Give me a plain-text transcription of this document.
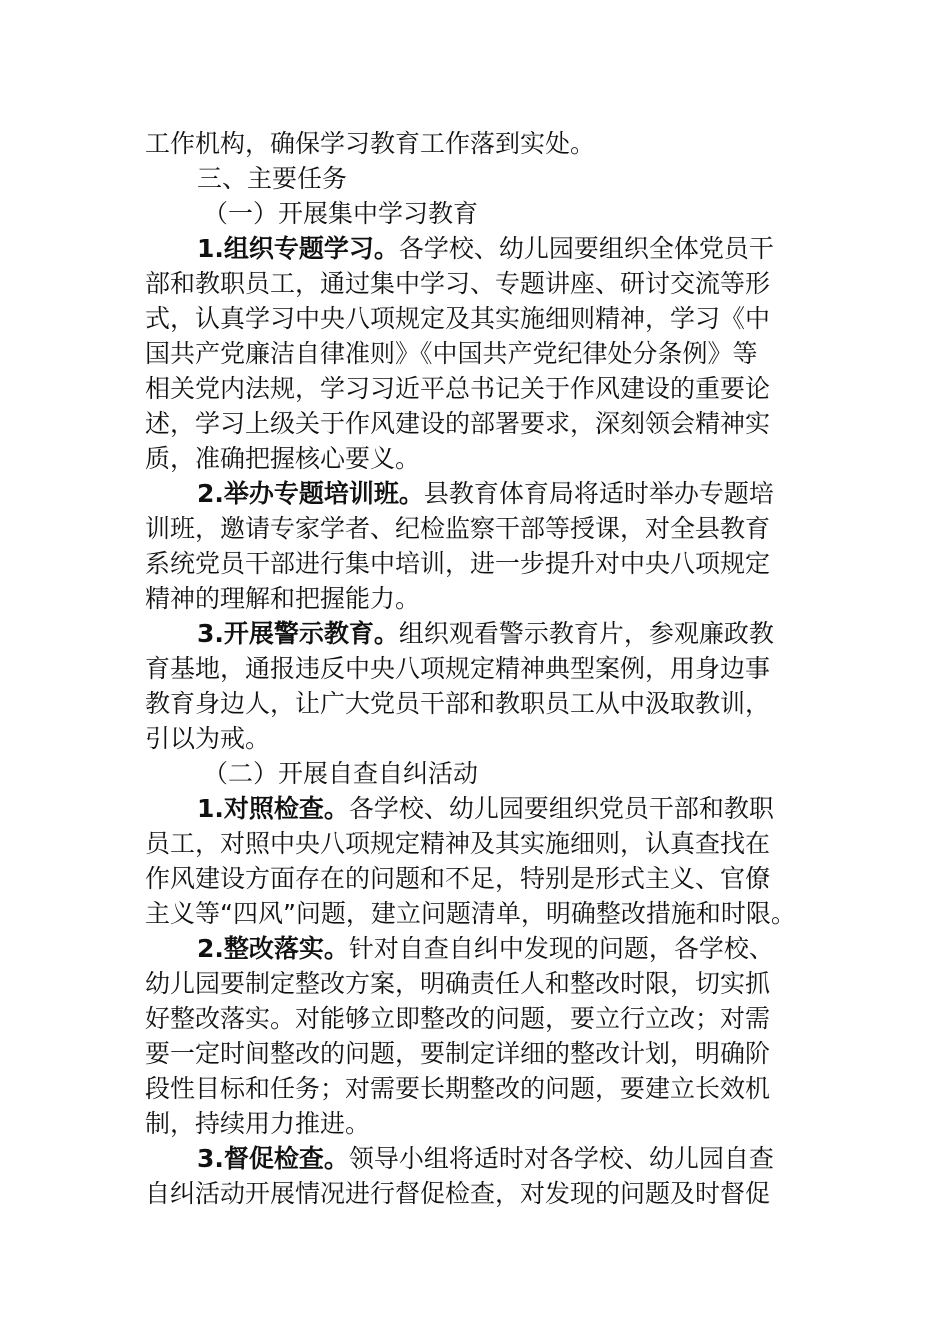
工作机构，确保学习教育工作落到实处。
三、主要任务
（一）开展集中学习教育
1.组织专题学习。各学校、幼儿园要组织全体党员干
部和教职员工，通过集中学习、专题讲座、研讨交流等形
式，认真学习中央八项规定及其实施细则精神，学习《中
国共产党廉洁自律准则》《中国共产党纪律处分条例》等
相关党内法规，学习习近平总书记关于作风建设的重要论
述，学习上级关于作风建设的部署要求，深刻领会精神实
质，准确把握核心要义。
2.举办专题培训班。县教育体育局将适时举办专题培
训班，邀请专家学者、纪检监察干部等授课，对全县教育
系统党员干部进行集中培训，进一步提升对中央八项规定
精神的理解和把握能力。
3.开展警示教育。组织观看警示教育片，参观廉政教
育基地，通报违反中央八项规定精神典型案例，用身边事
教育身边人，让广大党员干部和教职员工从中汲取教训，
引以为戒。
（二）开展自查自纠活动
1.对照检查。各学校、幼儿园要组织党员干部和教职
员工，对照中央八项规定精神及其实施细则，认真查找在
作风建设方面存在的问题和不足，特别是形式主义、官僚
主义等“四风”问题，建立问题清单，明确整改措施和时限。
2.整改落实。针对自查自纠中发现的问题，各学校、
幼儿园要制定整改方案，明确责任人和整改时限，切实抓
好整改落实。对能够立即整改的问题，要立行立改；对需
要一定时间整改的问题，要制定详细的整改计划，明确阶
段性目标和任务；对需要长期整改的问题，要建立长效机
制，持续用力推进。
3.督促检查。领导小组将适时对各学校、幼儿园自查
自纠活动开展情况进行督促检查，对发现的问题及时督促
